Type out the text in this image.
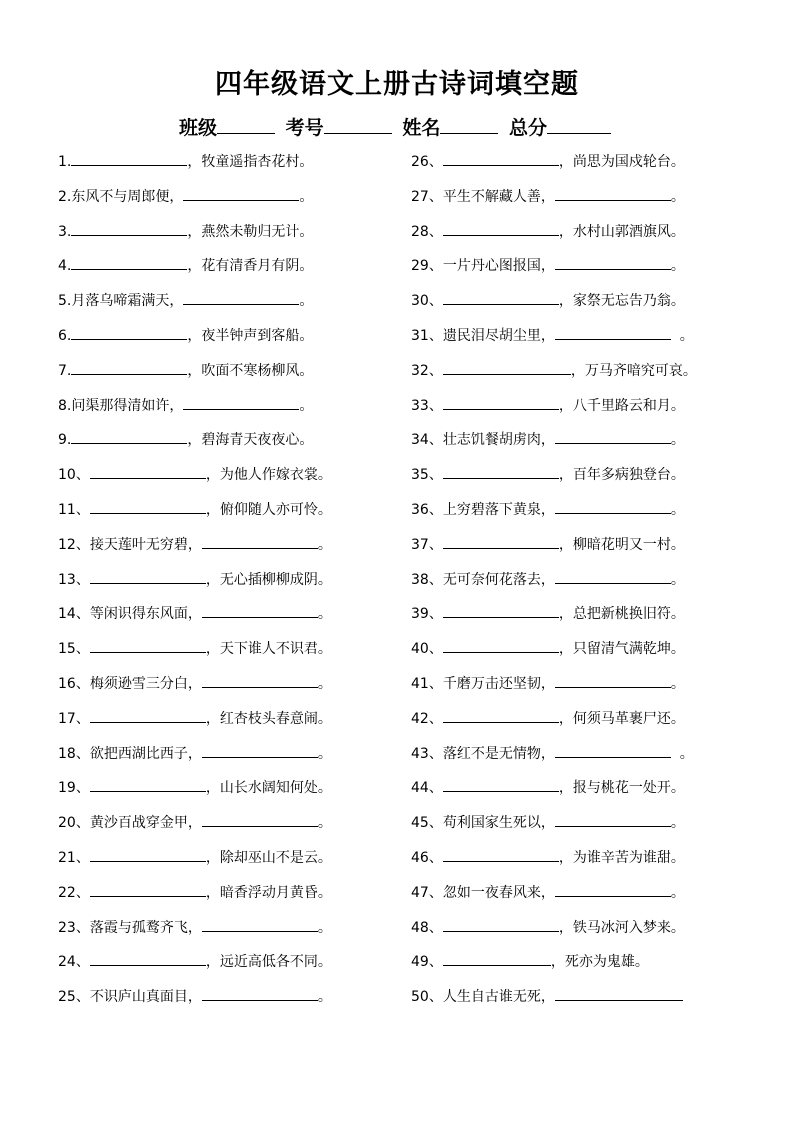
四年级语文上册古诗词填空题
班级	考号	姓名	总分
1.	，牧童遥指杏花村。
2.东风不与周郎便，	。
3.	，燕然未勒归无计。
4.	，花有清香月有阴。
5.月落乌啼霜满天，	。
6.	，夜半钟声到客船。
7.	，吹面不寒杨柳风。
8.问渠那得清如许，	。
9.	，碧海青天夜夜心。
10、	，为他人作嫁衣裳。
11、	，俯仰随人亦可怜。
12、接天莲叶无穷碧，	。
13、	，无心插柳柳成阴。
14、等闲识得东风面，	。
15、	，天下谁人不识君。
16、梅须逊雪三分白，	。
17、	，红杏枝头春意闹。
18、欲把西湖比西子，	。
19、	，山长水阔知何处。
20、黄沙百战穿金甲，	。
21、	，除却巫山不是云。
22、	，暗香浮动月黄昏。
23、落霞与孤鹜齐飞，	。
24、	，远近高低各不同。
25、不识庐山真面目，	。
26、	，尚思为国戍轮台。
27、平生不解藏人善，	。
28、	，水村山郭酒旗风。
29、一片丹心图报国，	。
30、	，家祭无忘告乃翁。
31、遗民泪尽胡尘里，	。
32、	，万马齐喑究可哀。
33、	，八千里路云和月。
34、壮志饥餐胡虏肉，	。
35、	，百年多病独登台。
36、上穷碧落下黄泉，	。
37、	，柳暗花明又一村。
38、无可奈何花落去，	。
39、	，总把新桃换旧符。
40、	，只留清气满乾坤。
41、千磨万击还坚韧，	。
42、	，何须马革裹尸还。
43、落红不是无情物，	。
44、	，报与桃花一处开。
45、苟利国家生死以，	。
46、	，为谁辛苦为谁甜。
47、忽如一夜春风来，	。
48、	，铁马冰河入梦来。
49、	，死亦为鬼雄。
50、人生自古谁无死，
